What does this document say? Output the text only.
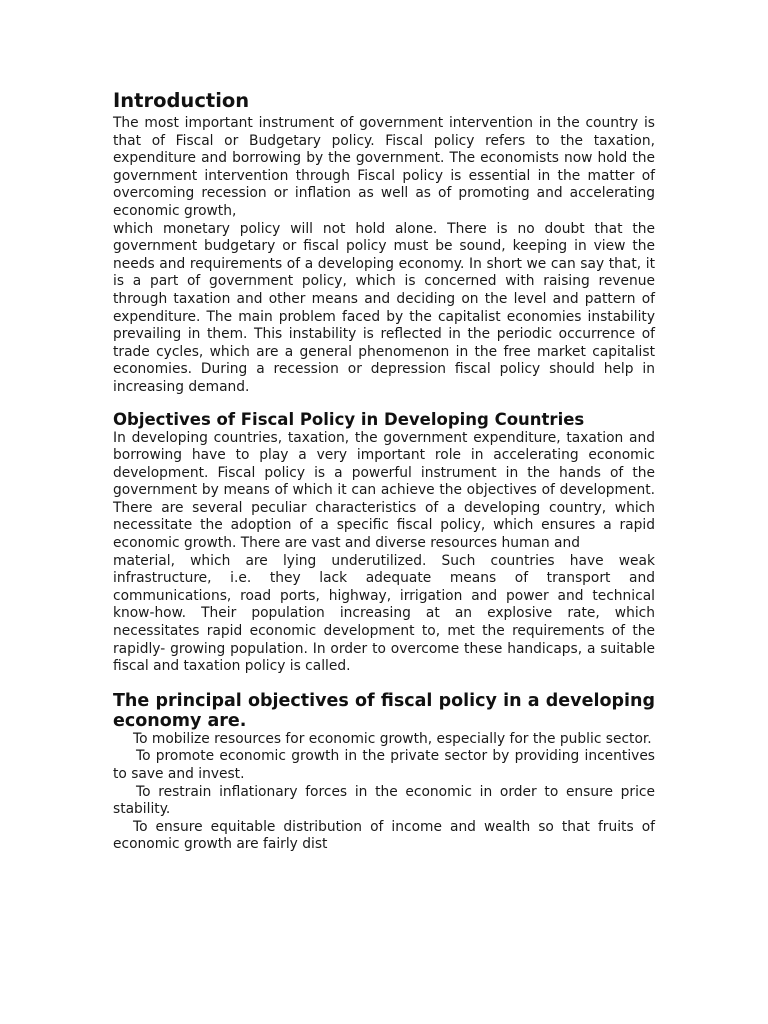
Introduction

The most important instrument of government intervention in the country is that of Fiscal or Budgetary policy. Fiscal policy refers to the taxation, expenditure and borrowing by the government. The economists now hold the government intervention through Fiscal policy is essential in the matter of overcoming recession or inflation as well as of promoting and accelerating economic growth,

which monetary policy will not hold alone. There is no doubt that the government budgetary or fiscal policy must be sound, keeping in view the needs and requirements of a developing economy. In short we can say that, it is a part of government policy, which is concerned with raising revenue through taxation and other means and deciding on the level and pattern of expenditure. The main problem faced by the capitalist economies instability prevailing in them. This instability is reflected in the periodic occurrence of trade cycles, which are a general phenomenon in the free market capitalist economies. During a recession or depression fiscal policy should help in increasing demand.

Objectives of Fiscal Policy in Developing Countries

In developing countries, taxation, the government expenditure, taxation and borrowing have to play a very important role in accelerating economic development. Fiscal policy is a powerful instrument in the hands of the government by means of which it can achieve the objectives of development. There are several peculiar characteristics of a developing country, which necessitate the adoption of a specific fiscal policy, which ensures a rapid economic growth. There are vast and diverse resources human and

material, which are lying underutilized. Such countries have weak infrastructure, i.e. they lack adequate means of transport and communications, road ports, highway, irrigation and power and technical know-how. Their population increasing at an explosive rate, which necessitates rapid economic development to, met the requirements of the rapidly- growing population. In order to overcome these handicaps, a suitable fiscal and taxation policy is called.

The principal objectives of fiscal policy in a developing economy are.

To mobilize resources for economic growth, especially for the public sector.

To promote economic growth in the private sector by providing incentives to save and invest.

To restrain inflationary forces in the economic in order to ensure price stability.

To ensure equitable distribution of income and wealth so that fruits of economic growth are fairly dist
